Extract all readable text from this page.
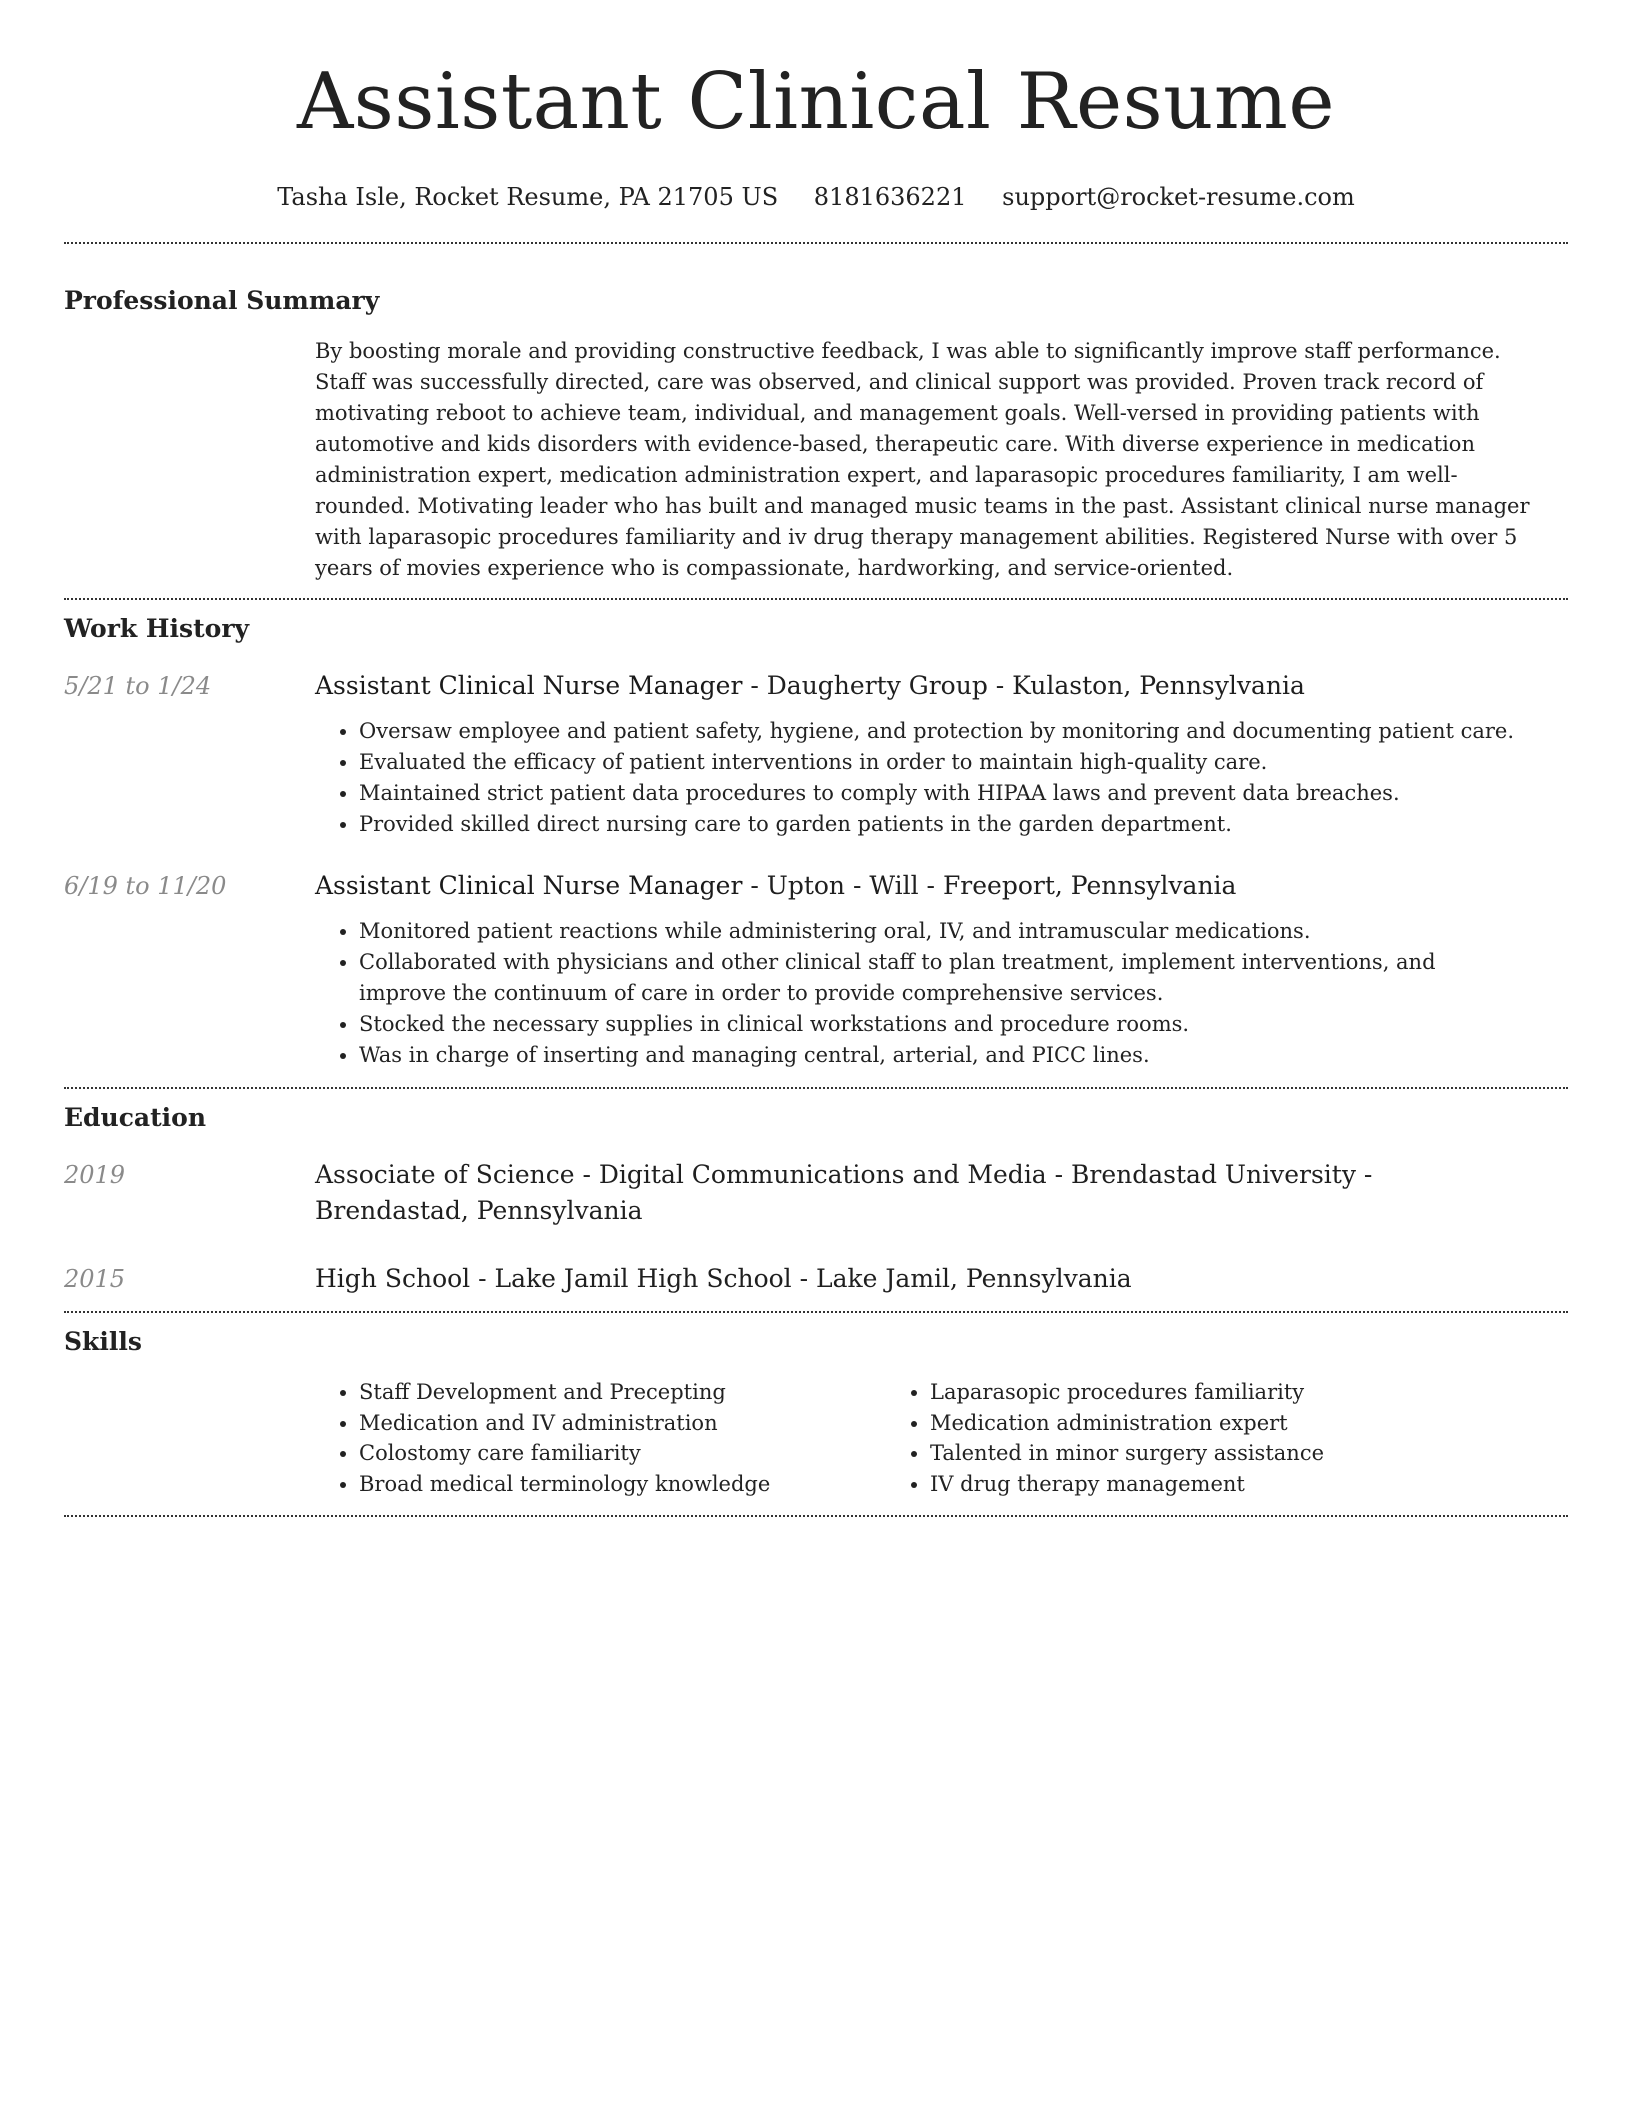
Assistant Clinical Resume
Tasha Isle, Rocket Resume, PA 21705 US 8181636221 support@rocket-resume.com
Professional Summary

By boosting morale and providing constructive feedback, I was able to significantly improve staff performance. Staff was successfully directed, care was observed, and clinical support was provided. Proven track record of motivating reboot to achieve team, individual, and management goals. Well-versed in providing patients with automotive and kids disorders with evidence-based, therapeutic care. With diverse experience in medication administration expert, medication administration expert, and laparasopic procedures familiarity, I am well-rounded. Motivating leader who has built and managed music teams in the past. Assistant clinical nurse manager with laparasopic procedures familiarity and iv drug therapy management abilities. Registered Nurse with over 5 years of movies experience who is compassionate, hardworking, and service-oriented.

Work History
5/21 to 1/24	Assistant Clinical Nurse Manager - Daugherty Group - Kulaston, Pennsylvania
• Oversaw employee and patient safety, hygiene, and protection by monitoring and documenting patient care.
• Evaluated the efficacy of patient interventions in order to maintain high-quality care.
• Maintained strict patient data procedures to comply with HIPAA laws and prevent data breaches.
• Provided skilled direct nursing care to garden patients in the garden department.
6/19 to 11/20	Assistant Clinical Nurse Manager - Upton - Will - Freeport, Pennsylvania
• Monitored patient reactions while administering oral, IV, and intramuscular medications.
• Collaborated with physicians and other clinical staff to plan treatment, implement interventions, and improve the continuum of care in order to provide comprehensive services.
• Stocked the necessary supplies in clinical workstations and procedure rooms.
• Was in charge of inserting and managing central, arterial, and PICC lines.
Education
2019	Associate of Science - Digital Communications and Media - Brendastad University - Brendastad, Pennsylvania
2015	High School - Lake Jamil High School - Lake Jamil, Pennsylvania
Skills
• Staff Development and Precepting
• Medication and IV administration
• Colostomy care familiarity
• Broad medical terminology knowledge
• Laparasopic procedures familiarity
• Medication administration expert
• Talented in minor surgery assistance
• IV drug therapy management
